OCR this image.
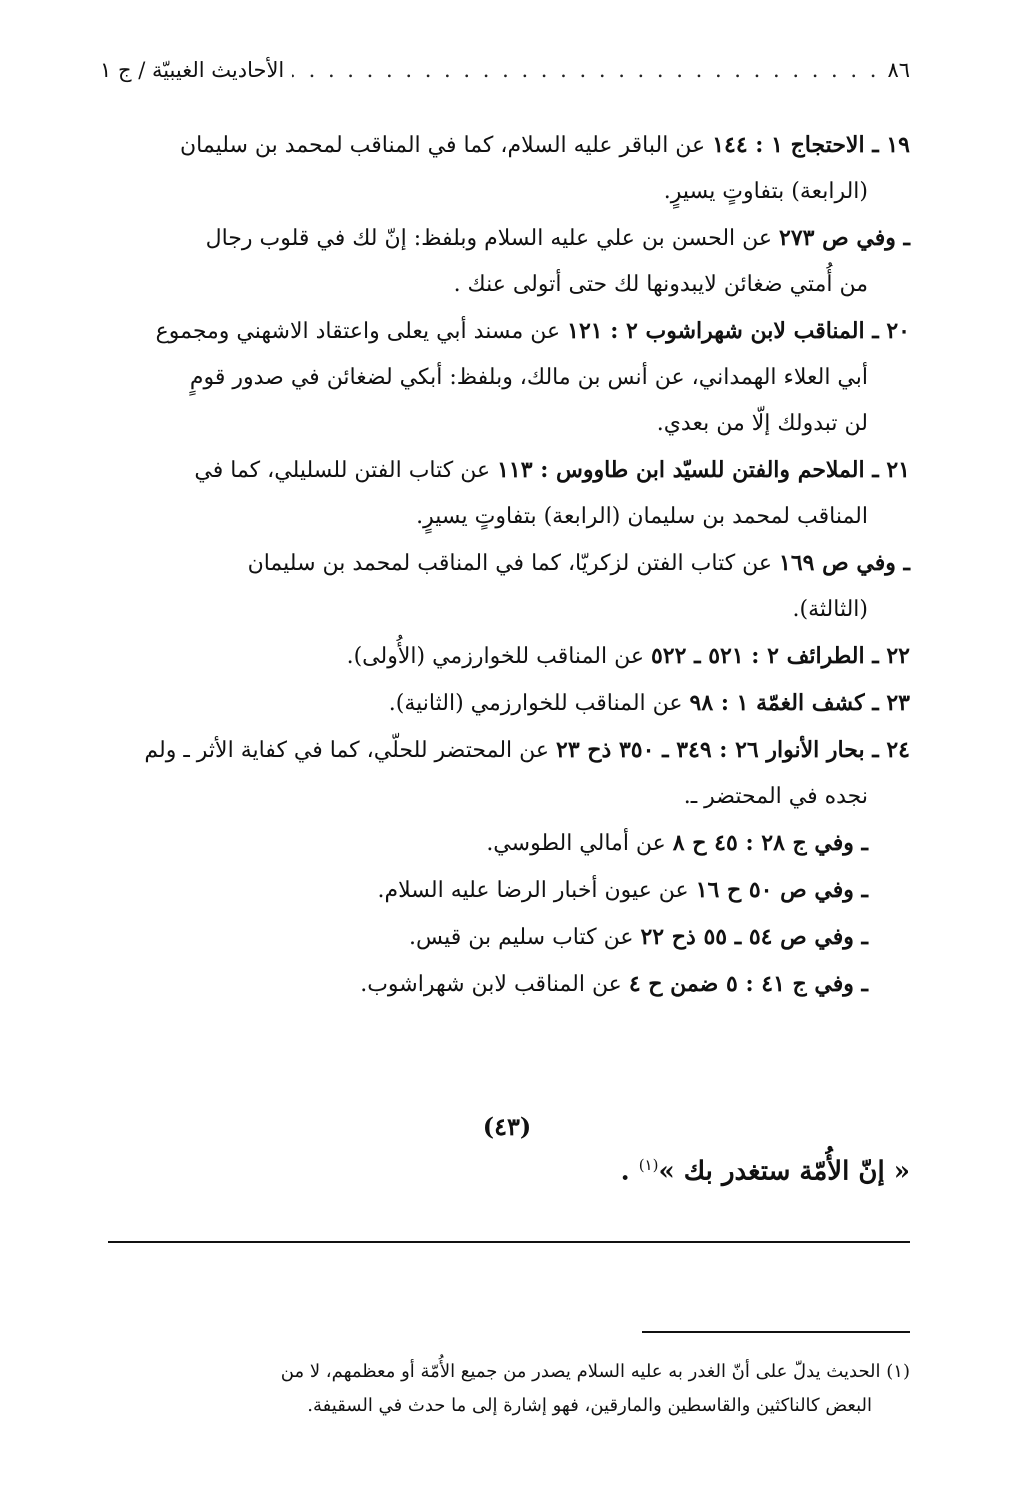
٨٦
. . .
الأحاديث الغيبيّة / ج ١
١٩ ـ الاحتجاج ١ : ١٤٤ عن الباقر عليه السلام، كما في المناقب لمحمد بن سليمان
(الرابعة) بتفاوتٍ يسيرٍ.
ـ وفي ص ٢٧٣ عن الحسن بن علي عليه السلام وبلفظ: إنّ لك في قلوب رجال
من أُمتي ضغائن لايبدونها لك حتى أتولى عنك .
٢٠ ـ المناقب لابن شهراشوب ٢ : ١٢١ عن مسند أبي يعلى واعتقاد الاشهني ومجموع
أبي العلاء الهمداني، عن أنس بن مالك، وبلفظ: أبكي لضغائن في صدور قومٍ
لن تبدولك إلّا من بعدي.
٢١ ـ الملاحم والفتن للسيّد ابن طاووس : ١١٣ عن كتاب الفتن للسليلي، كما في
المناقب لمحمد بن سليمان (الرابعة) بتفاوتٍ يسيرٍ.
ـ وفي ص ١٦٩ عن كتاب الفتن لزكريّا، كما في المناقب لمحمد بن سليمان
(الثالثة).
٢٢ ـ الطرائف ٢ : ٥٢١ ـ ٥٢٢ عن المناقب للخوارزمي (الأُولى).
٢٣ ـ كشف الغمّة ١ : ٩٨ عن المناقب للخوارزمي (الثانية).
٢٤ ـ بحار الأنوار ٢٦ : ٣٤٩ ـ ٣٥٠ ذح ٢٣ عن المحتضر للحلّي، كما في كفاية الأثر ـ ولم
نجده في المحتضر ـ.
ـ وفي ج ٢٨ : ٤٥ ح ٨ عن أمالي الطوسي.
ـ وفي ص ٥٠ ح ١٦ عن عيون أخبار الرضا عليه السلام.
ـ وفي ص ٥٤ ـ ٥٥ ذح ٢٢ عن كتاب سليم بن قيس.
ـ وفي ج ٤١ : ٥ ضمن ح ٤ عن المناقب لابن شهراشوب.
(٤٣)
« إنّ الأُمّة ستغدر بك »$^{(١)}$ .
(١) الحديث يدلّ على أنّ الغدر به عليه السلام يصدر من جميع الأُمّة أو معظمهم، لا من
البعض كالناكثين والقاسطين والمارقين، فهو إشارة إلى ما حدث في السقيفة.
